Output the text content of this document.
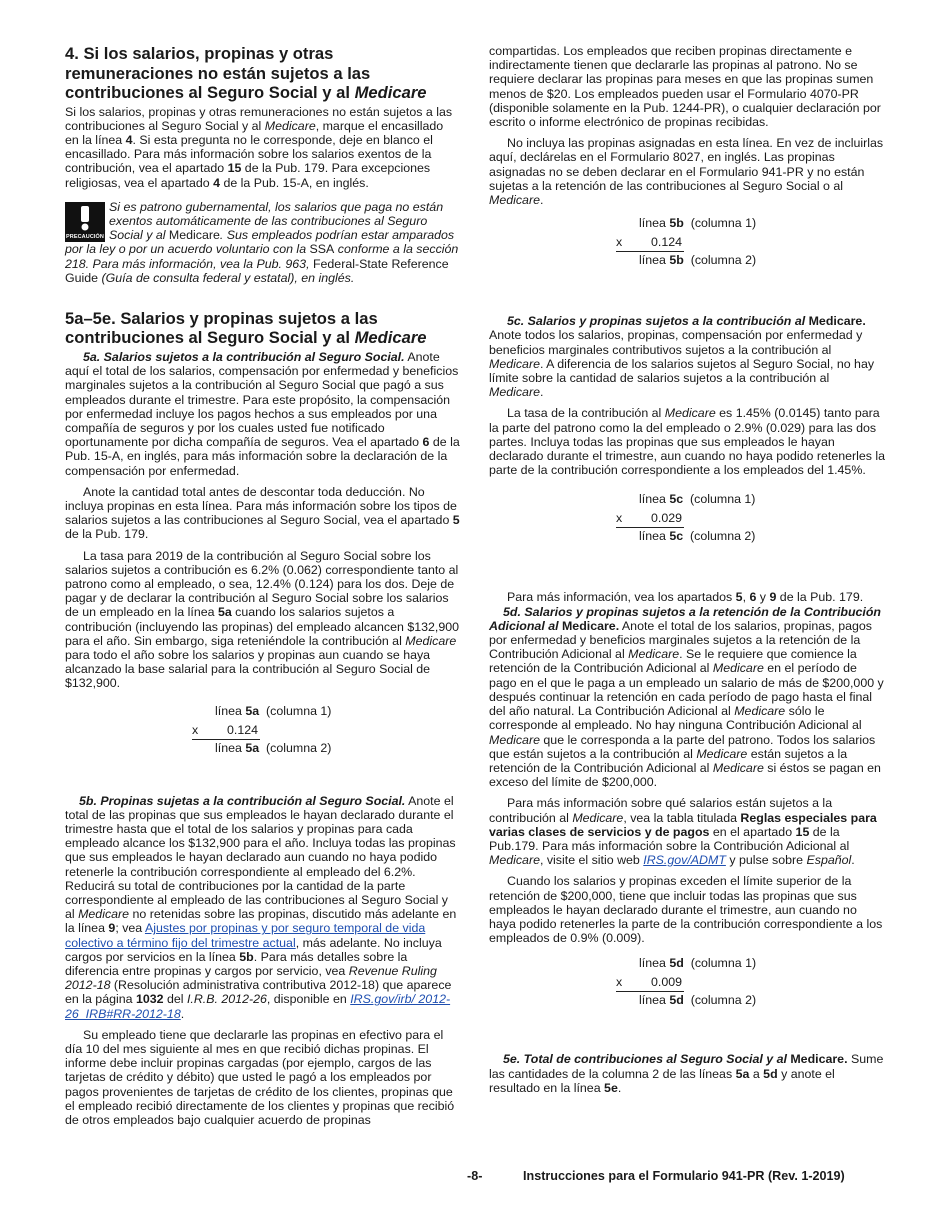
4. Si los salarios, propinas y otras
remuneraciones no están sujetos a las
contribuciones al Seguro Social y al Medicare

Si los salarios, propinas y otras remuneraciones no están sujetos a las contribuciones al Seguro Social y al Medicare, marque el encasillado en la línea 4. Si esta pregunta no le corresponde, deje en blanco el encasillado. Para más información sobre los salarios exentos de la contribución, vea el apartado 15 de la Pub. 179. Para excepciones religiosas, vea el apartado 4 de la Pub. 15-A, en inglés.

PRECAUCIÓN
Si es patrono gubernamental, los salarios que paga no están exentos automáticamente de las contribuciones al Seguro Social y al Medicare. Sus empleados podrían estar amparados por la ley o por un acuerdo voluntario con la SSA conforme a la sección 218. Para más información, vea la Pub. 963, Federal-State Reference Guide (Guía de consulta federal y estatal), en inglés.
5a–5e. Salarios y propinas sujetos a las
contribuciones al Seguro Social y al Medicare

5a. Salarios sujetos a la contribución al Seguro Social. Anote aquí el total de los salarios, compensación por enfermedad y beneficios marginales sujetos a la contribución al Seguro Social que pagó a sus empleados durante el trimestre. Para este propósito, la compensación por enfermedad incluye los pagos hechos a sus empleados por una compañía de seguros y por los cuales usted fue notificado oportunamente por dicha compañía de seguros. Vea el apartado 6 de la Pub. 15-A, en inglés, para más información sobre la declaración de la compensación por enfermedad.

Anote la cantidad total antes de descontar toda deducción. No incluya propinas en esta línea. Para más información sobre los tipos de salarios sujetos a las contribuciones al Seguro Social, vea el apartado 5 de la Pub. 179.

La tasa para 2019 de la contribución al Seguro Social sobre los salarios sujetos a contribución es 6.2% (0.062) correspondiente tanto al patrono como al empleado, o sea, 12.4% (0.124) para los dos. Deje de pagar y de declarar la contribución al Seguro Social sobre los salarios de un empleado en la línea 5a cuando los salarios sujetos a contribución (incluyendo las propinas) del empleado alcancen $132,900 para el año. Sin embargo, siga reteniéndole la contribución al Medicare para todo el año sobre los salarios y propinas aun cuando se haya alcanzado la base salarial para la contribución al Seguro Social de $132,900.

línea 5a (columna 1)
x 0.124
línea 5a (columna 2)

5b. Propinas sujetas a la contribución al Seguro Social. Anote el total de las propinas que sus empleados le hayan declarado durante el trimestre hasta que el total de los salarios y propinas para cada empleado alcance los $132,900 para el año. Incluya todas las propinas que sus empleados le hayan declarado aun cuando no haya podido retenerle la contribución correspondiente al empleado del 6.2%. Reducirá su total de contribuciones por la cantidad de la parte correspondiente al empleado de las contribuciones al Seguro Social y al Medicare no retenidas sobre las propinas, discutido más adelante en la línea 9; vea Ajustes por propinas y por seguro temporal de vida colectivo a término fijo del trimestre actual, más adelante. No incluya cargos por servicios en la línea 5b. Para más detalles sobre la diferencia entre propinas y cargos por servicio, vea Revenue Ruling 2012-18 (Resolución administrativa contributiva 2012-18) que aparece en la página 1032 del I.R.B. 2012-26, disponible en IRS.gov/irb/ 2012-26_IRB#RR-2012-18.

Su empleado tiene que declararle las propinas en efectivo para el día 10 del mes siguiente al mes en que recibió dichas propinas. El informe debe incluir propinas cargadas (por ejemplo, cargos de las tarjetas de crédito y débito) que usted le pagó a los empleados por pagos provenientes de tarjetas de crédito de los clientes, propinas que el empleado recibió directamente de los clientes y propinas que recibió de otros empleados bajo cualquier acuerdo de propinas

compartidas. Los empleados que reciben propinas directamente e indirectamente tienen que declararle las propinas al patrono. No se requiere declarar las propinas para meses en que las propinas sumen menos de $20. Los empleados pueden usar el Formulario 4070-PR (disponible solamente en la Pub. 1244-PR), o cualquier declaración por escrito o informe electrónico de propinas recibidas.

No incluya las propinas asignadas en esta línea. En vez de incluirlas aquí, declárelas en el Formulario 8027, en inglés. Las propinas asignadas no se deben declarar en el Formulario 941-PR y no están sujetas a la retención de las contribuciones al Seguro Social o al Medicare.

línea 5b (columna 1)
x 0.124
línea 5b (columna 2)

5c. Salarios y propinas sujetos a la contribución al Medicare. Anote todos los salarios, propinas, compensación por enfermedad y beneficios marginales contributivos sujetos a la contribución al Medicare. A diferencia de los salarios sujetos al Seguro Social, no hay límite sobre la cantidad de salarios sujetos a la contribución al Medicare.

La tasa de la contribución al Medicare es 1.45% (0.0145) tanto para la parte del patrono como la del empleado o 2.9% (0.029) para las dos partes. Incluya todas las propinas que sus empleados le hayan declarado durante el trimestre, aun cuando no haya podido retenerles la parte de la contribución correspondiente a los empleados del 1.45%.

línea 5c (columna 1)
x 0.029
línea 5c (columna 2)

Para más información, vea los apartados 5, 6 y 9 de la Pub. 179.

5d. Salarios y propinas sujetos a la retención de la Contribución Adicional al Medicare. Anote el total de los salarios, propinas, pagos por enfermedad y beneficios marginales sujetos a la retención de la Contribución Adicional al Medicare. Se le requiere que comience la retención de la Contribución Adicional al Medicare en el período de pago en el que le paga a un empleado un salario de más de $200,000 y después continuar la retención en cada período de pago hasta el final del año natural. La Contribución Adicional al Medicare sólo le corresponde al empleado. No hay ninguna Contribución Adicional al Medicare que le corresponda a la parte del patrono. Todos los salarios que están sujetos a la contribución al Medicare están sujetos a la retención de la Contribución Adicional al Medicare si éstos se pagan en exceso del límite de $200,000.

Para más información sobre qué salarios están sujetos a la contribución al Medicare, vea la tabla titulada Reglas especiales para varias clases de servicios y de pagos en el apartado 15 de la Pub.179. Para más información sobre la Contribución Adicional al Medicare, visite el sitio web IRS.gov/ADMT y pulse sobre Español.

Cuando los salarios y propinas exceden el límite superior de la retención de $200,000, tiene que incluir todas las propinas que sus empleados le hayan declarado durante el trimestre, aun cuando no haya podido retenerles la parte de la contribución correspondiente a los empleados de 0.9% (0.009).

línea 5d (columna 1)
x 0.009
línea 5d (columna 2)

5e. Total de contribuciones al Seguro Social y al Medicare. Sume las cantidades de la columna 2 de las líneas 5a a 5d y anote el resultado en la línea 5e.

-8-	Instrucciones para el Formulario 941-PR (Rev. 1-2019)
